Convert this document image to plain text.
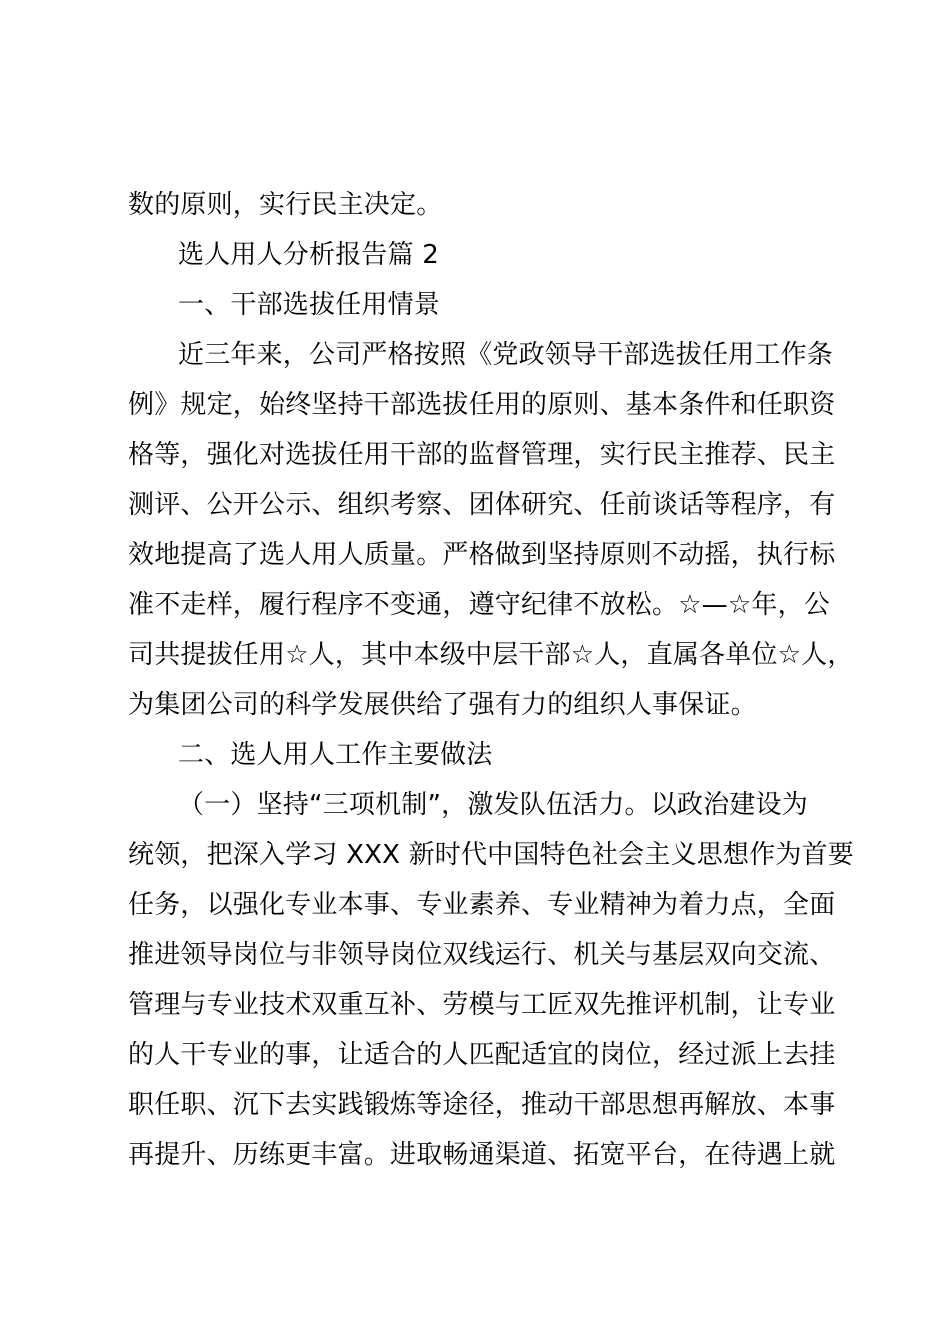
数的原则，实行民主决定。
选人用人分析报告篇 2
一、干部选拔任用情景
近三年来，公司严格按照《党政领导干部选拔任用工作条
例》规定，始终坚持干部选拔任用的原则、基本条件和任职资
格等，强化对选拔任用干部的监督管理，实行民主推荐、民主
测评、公开公示、组织考察、团体研究、任前谈话等程序，有
效地提高了选人用人质量。严格做到坚持原则不动摇，执行标
准不走样，履行程序不变通，遵守纪律不放松。☆—☆年，公
司共提拔任用☆人，其中本级中层干部☆人，直属各单位☆人，
为集团公司的科学发展供给了强有力的组织人事保证。
二、选人用人工作主要做法
（一）坚持“三项机制”，激发队伍活力。以政治建设为
统领，把深入学习 XXX 新时代中国特色社会主义思想作为首要
任务，以强化专业本事、专业素养、专业精神为着力点，全面
推进领导岗位与非领导岗位双线运行、机关与基层双向交流、
管理与专业技术双重互补、劳模与工匠双先推评机制，让专业
的人干专业的事，让适合的人匹配适宜的岗位，经过派上去挂
职任职、沉下去实践锻炼等途径，推动干部思想再解放、本事
再提升、历练更丰富。进取畅通渠道、拓宽平台，在待遇上就
